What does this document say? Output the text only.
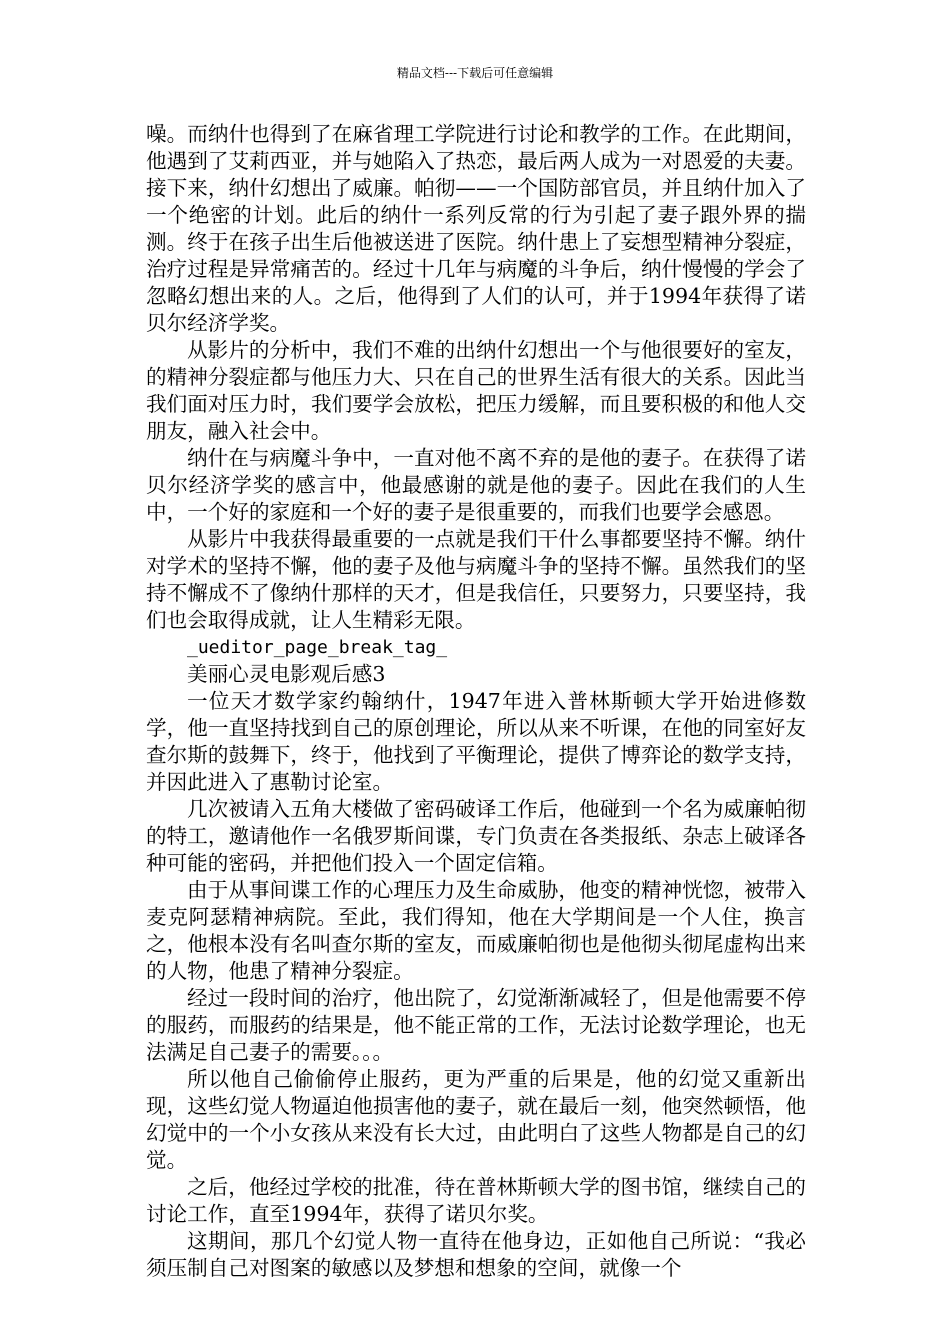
精品文档---下载后可任意编辑

噪。而纳什也得到了在麻省理工学院进行讨论和教学的工作。在此期间，他遇到了艾莉西亚，并与她陷入了热恋，最后两人成为一对恩爱的夫妻。接下来，纳什幻想出了威廉。帕彻——一个国防部官员，并且纳什加入了一个绝密的计划。此后的纳什一系列反常的行为引起了妻子跟外界的揣测。终于在孩子出生后他被送进了医院。纳什患上了妄想型精神分裂症，治疗过程是异常痛苦的。经过十几年与病魔的斗争后，纳什慢慢的学会了忽略幻想出来的人。之后，他得到了人们的认可，并于1994年获得了诺贝尔经济学奖。

从影片的分析中，我们不难的出纳什幻想出一个与他很要好的室友，的精神分裂症都与他压力大、只在自己的世界生活有很大的关系。因此当我们面对压力时，我们要学会放松，把压力缓解，而且要积极的和他人交朋友，融入社会中。

纳什在与病魔斗争中，一直对他不离不弃的是他的妻子。在获得了诺贝尔经济学奖的感言中，他最感谢的就是他的妻子。因此在我们的人生中，一个好的家庭和一个好的妻子是很重要的，而我们也要学会感恩。

从影片中我获得最重要的一点就是我们干什么事都要坚持不懈。纳什对学术的坚持不懈，他的妻子及他与病魔斗争的坚持不懈。虽然我们的坚持不懈成不了像纳什那样的天才，但是我信任，只要努力，只要坚持，我们也会取得成就，让人生精彩无限。

_ueditor_page_break_tag_

美丽心灵电影观后感3

一位天才数学家约翰纳什，1947年进入普林斯顿大学开始进修数学，他一直坚持找到自己的原创理论，所以从来不听课，在他的同室好友查尔斯的鼓舞下，终于，他找到了平衡理论，提供了博弈论的数学支持，并因此进入了惠勒讨论室。

几次被请入五角大楼做了密码破译工作后，他碰到一个名为威廉帕彻的特工，邀请他作一名俄罗斯间谍，专门负责在各类报纸、杂志上破译各种可能的密码，并把他们投入一个固定信箱。

由于从事间谍工作的心理压力及生命威胁，他变的精神恍惚，被带入麦克阿瑟精神病院。至此，我们得知，他在大学期间是一个人住，换言之，他根本没有名叫查尔斯的室友，而威廉帕彻也是他彻头彻尾虚构出来的人物，他患了精神分裂症。

经过一段时间的治疗，他出院了，幻觉渐渐减轻了，但是他需要不停的服药，而服药的结果是，他不能正常的工作，无法讨论数学理论，也无法满足自己妻子的需要。。。

所以他自己偷偷停止服药，更为严重的后果是，他的幻觉又重新出现，这些幻觉人物逼迫他损害他的妻子，就在最后一刻，他突然顿悟，他幻觉中的一个小女孩从来没有长大过，由此明白了这些人物都是自己的幻觉。

之后，他经过学校的批准，待在普林斯顿大学的图书馆，继续自己的讨论工作，直至1994年，获得了诺贝尔奖。

这期间，那几个幻觉人物一直待在他身边，正如他自己所说：“我必须压制自己对图案的敏感以及梦想和想象的空间，就像一个
